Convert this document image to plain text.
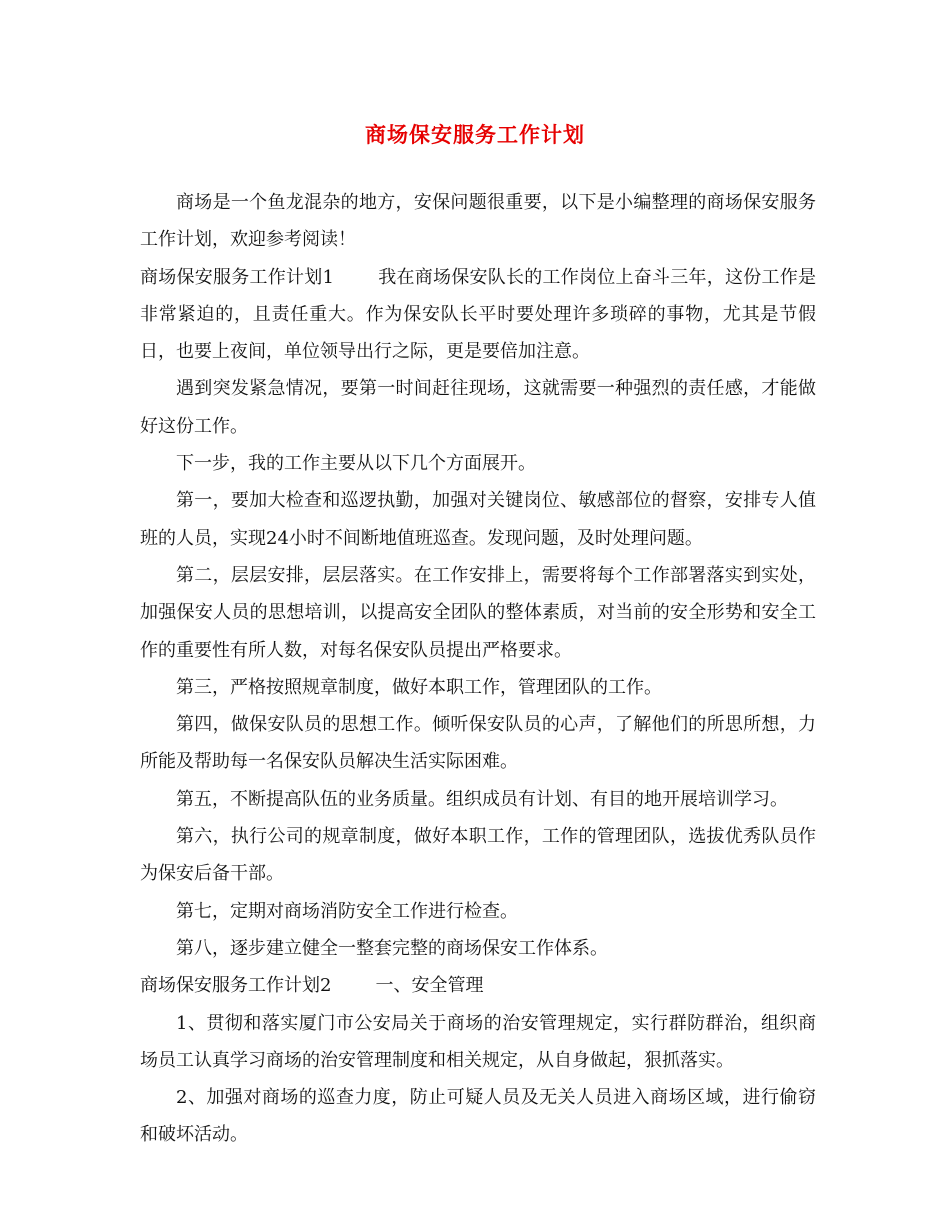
商场保安服务工作计划

商场是一个鱼龙混杂的地方，安保问题很重要，以下是小编整理的商场保安服务工作计划，欢迎参考阅读！

商场保安服务工作计划1 我在商场保安队长的工作岗位上奋斗三年，这份工作是非常紧迫的，且责任重大。作为保安队长平时要处理许多琐碎的事物，尤其是节假日，也要上夜间，单位领导出行之际，更是要倍加注意。

遇到突发紧急情况，要第一时间赶往现场，这就需要一种强烈的责任感，才能做好这份工作。

下一步，我的工作主要从以下几个方面展开。

第一，要加大检查和巡逻执勤，加强对关键岗位、敏感部位的督察，安排专人值班的人员，实现24小时不间断地值班巡查。发现问题，及时处理问题。

第二，层层安排，层层落实。在工作安排上，需要将每个工作部署落实到实处，加强保安人员的思想培训，以提高安全团队的整体素质，对当前的安全形势和安全工作的重要性有所人数，对每名保安队员提出严格要求。

第三，严格按照规章制度，做好本职工作，管理团队的工作。

第四，做保安队员的思想工作。倾听保安队员的心声，了解他们的所思所想，力所能及帮助每一名保安队员解决生活实际困难。

第五，不断提高队伍的业务质量。组织成员有计划、有目的地开展培训学习。

第六，执行公司的规章制度，做好本职工作，工作的管理团队，选拔优秀队员作为保安后备干部。

第七，定期对商场消防安全工作进行检查。

第八，逐步建立健全一整套完整的商场保安工作体系。

商场保安服务工作计划2 一、安全管理

1、贯彻和落实厦门市公安局关于商场的治安管理规定，实行群防群治，组织商场员工认真学习商场的治安管理制度和相关规定，从自身做起，狠抓落实。

2、加强对商场的巡查力度，防止可疑人员及无关人员进入商场区域，进行偷窃和破坏活动。
